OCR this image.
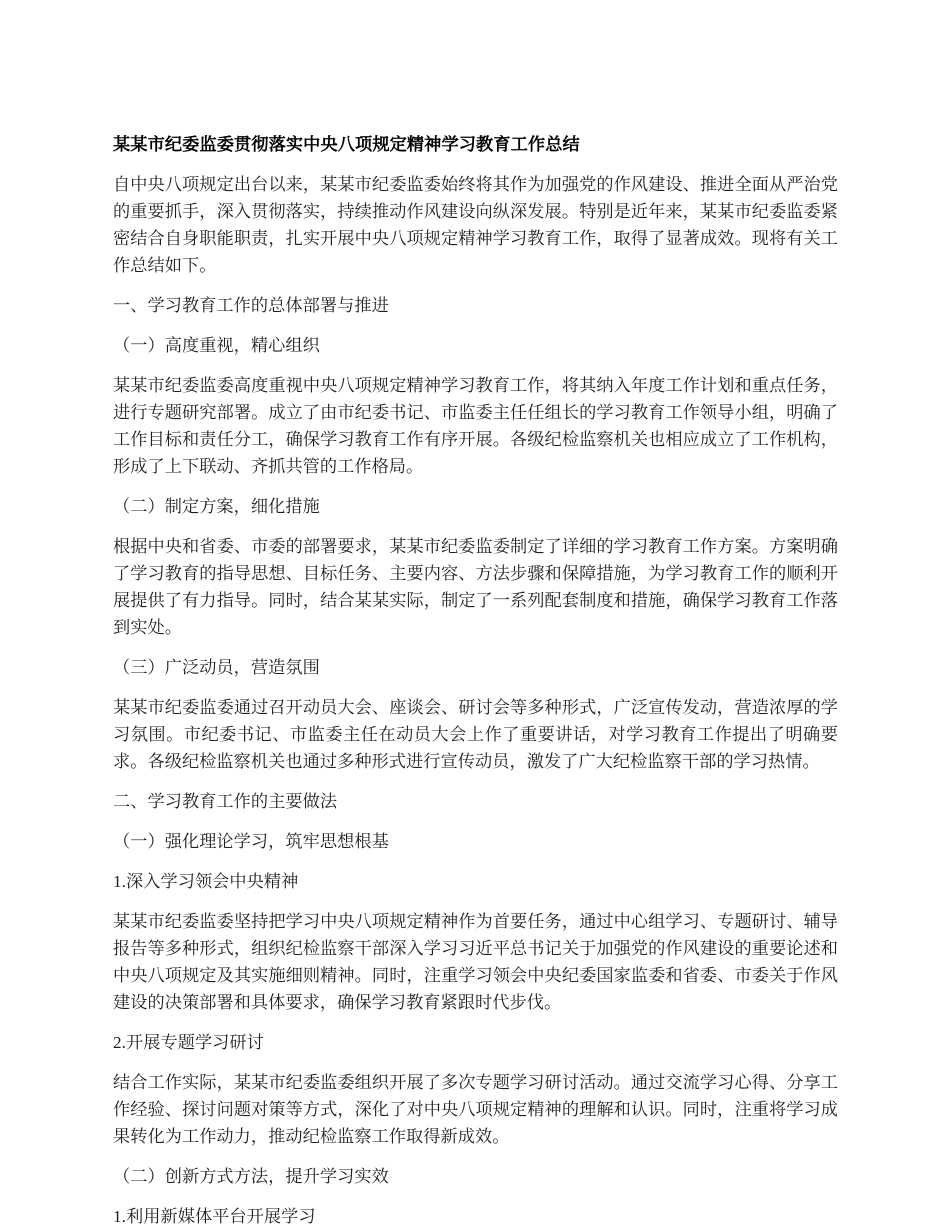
某某市纪委监委贯彻落实中央八项规定精神学习教育工作总结

自中央八项规定出台以来，某某市纪委监委始终将其作为加强党的作风建设、推进全面从严治党的重要抓手，深入贯彻落实，持续推动作风建设向纵深发展。特别是近年来，某某市纪委监委紧密结合自身职能职责，扎实开展中央八项规定精神学习教育工作，取得了显著成效。现将有关工作总结如下。

一、学习教育工作的总体部署与推进

（一）高度重视，精心组织

某某市纪委监委高度重视中央八项规定精神学习教育工作，将其纳入年度工作计划和重点任务，进行专题研究部署。成立了由市纪委书记、市监委主任任组长的学习教育工作领导小组，明确了工作目标和责任分工，确保学习教育工作有序开展。各级纪检监察机关也相应成立了工作机构，形成了上下联动、齐抓共管的工作格局。

（二）制定方案，细化措施

根据中央和省委、市委的部署要求，某某市纪委监委制定了详细的学习教育工作方案。方案明确了学习教育的指导思想、目标任务、主要内容、方法步骤和保障措施，为学习教育工作的顺利开展提供了有力指导。同时，结合某某实际，制定了一系列配套制度和措施，确保学习教育工作落到实处。

（三）广泛动员，营造氛围

某某市纪委监委通过召开动员大会、座谈会、研讨会等多种形式，广泛宣传发动，营造浓厚的学习氛围。市纪委书记、市监委主任在动员大会上作了重要讲话，对学习教育工作提出了明确要求。各级纪检监察机关也通过多种形式进行宣传动员，激发了广大纪检监察干部的学习热情。

二、学习教育工作的主要做法

（一）强化理论学习，筑牢思想根基

1.深入学习领会中央精神

某某市纪委监委坚持把学习中央八项规定精神作为首要任务，通过中心组学习、专题研讨、辅导报告等多种形式，组织纪检监察干部深入学习习近平总书记关于加强党的作风建设的重要论述和中央八项规定及其实施细则精神。同时，注重学习领会中央纪委国家监委和省委、市委关于作风建设的决策部署和具体要求，确保学习教育紧跟时代步伐。

2.开展专题学习研讨

结合工作实际，某某市纪委监委组织开展了多次专题学习研讨活动。通过交流学习心得、分享工作经验、探讨问题对策等方式，深化了对中央八项规定精神的理解和认识。同时，注重将学习成果转化为工作动力，推动纪检监察工作取得新成效。

（二）创新方式方法，提升学习实效

1.利用新媒体平台开展学习
